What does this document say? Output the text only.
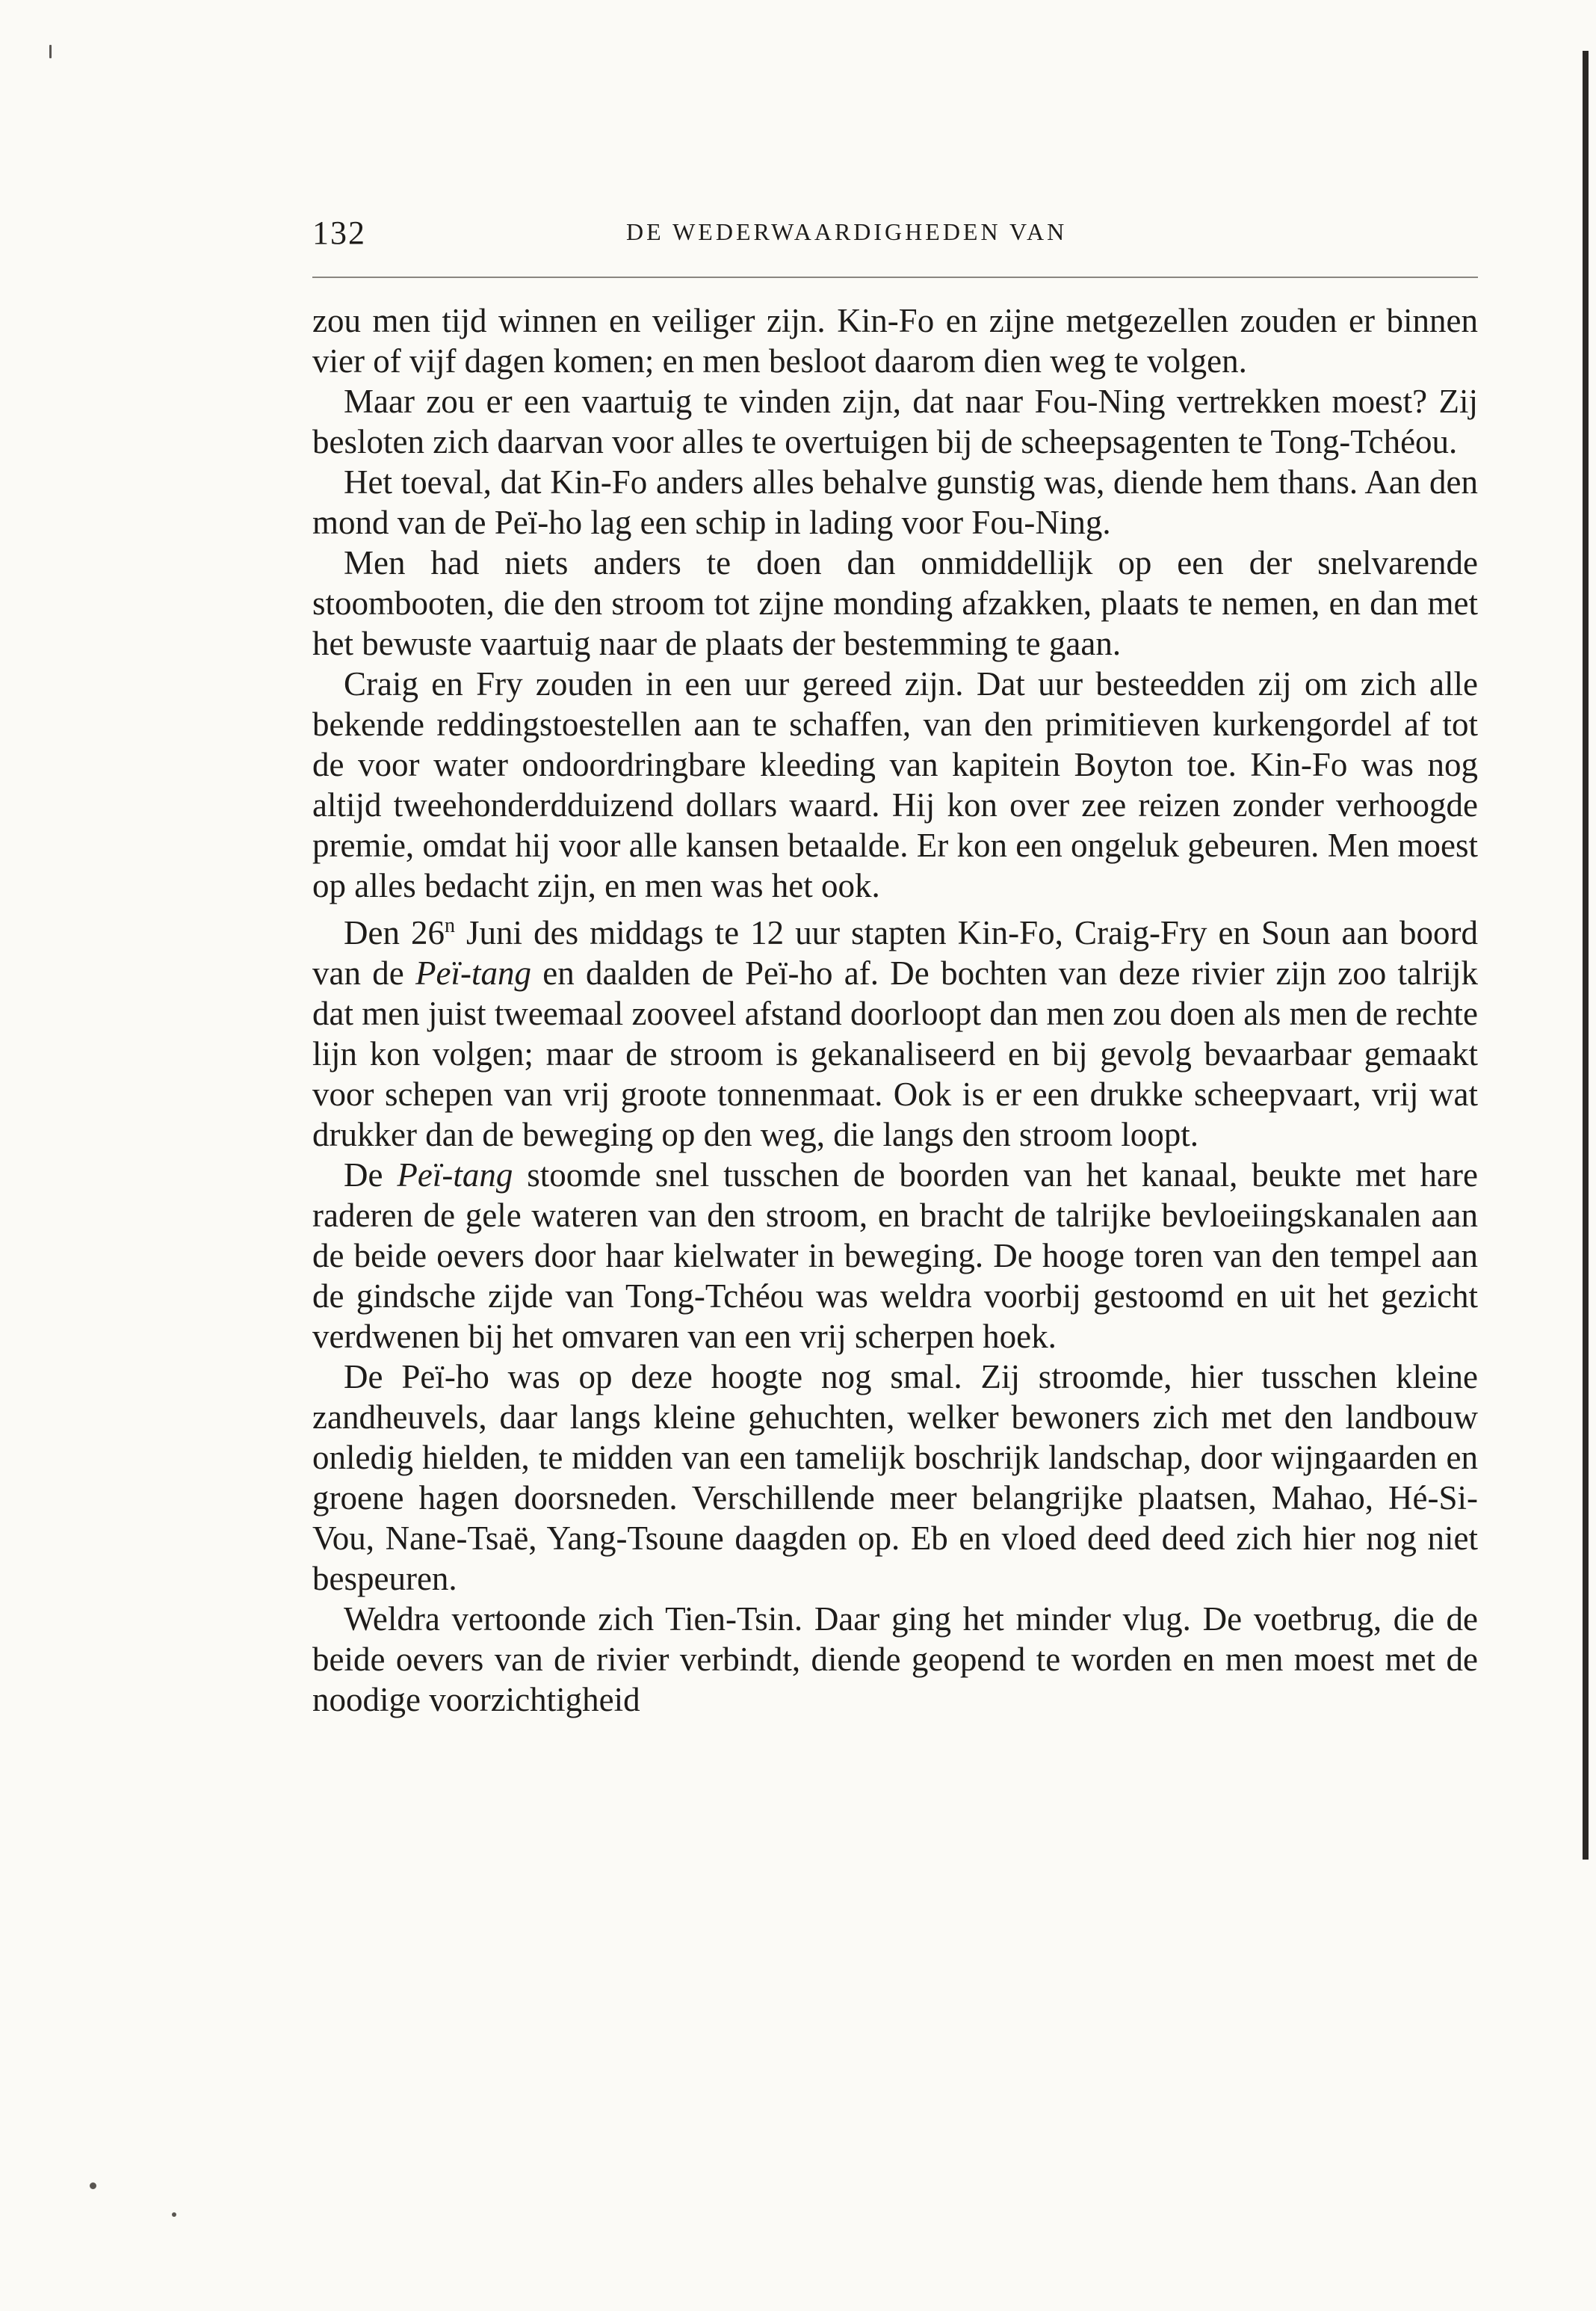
132	DE WEDERWAARDIGHEDEN VAN

zou men tijd winnen en veiliger zijn. Kin-Fo en zijne metgezellen zouden er binnen vier of vijf dagen komen; en men besloot daarom dien weg te volgen.

Maar zou er een vaartuig te vinden zijn, dat naar Fou-Ning vertrekken moest? Zij besloten zich daarvan voor alles te overtuigen bij de scheepsagenten te Tong-Tchéou.

Het toeval, dat Kin-Fo anders alles behalve gunstig was, diende hem thans. Aan den mond van de Peï-ho lag een schip in lading voor Fou-Ning.

Men had niets anders te doen dan onmiddellijk op een der snelvarende stoombooten, die den stroom tot zijne monding afzakken, plaats te nemen, en dan met het bewuste vaartuig naar de plaats der bestemming te gaan.

Craig en Fry zouden in een uur gereed zijn. Dat uur besteedden zij om zich alle bekende reddingstoestellen aan te schaffen, van den primitieven kurkengordel af tot de voor water ondoordringbare kleeding van kapitein Boyton toe. Kin-Fo was nog altijd tweehonderdduizend dollars waard. Hij kon over zee reizen zonder verhoogde premie, omdat hij voor alle kansen betaalde. Er kon een ongeluk gebeuren. Men moest op alles bedacht zijn, en men was het ook.

Den 26$^n$ Juni des middags te 12 uur stapten Kin-Fo, Craig-Fry en Soun aan boord van de Peï-tang en daalden de Peï-ho af. De bochten van deze rivier zijn zoo talrijk dat men juist tweemaal zooveel afstand doorloopt dan men zou doen als men de rechte lijn kon volgen; maar de stroom is gekanaliseerd en bij gevolg bevaarbaar gemaakt voor schepen van vrij groote tonnenmaat. Ook is er een drukke scheepvaart, vrij wat drukker dan de beweging op den weg, die langs den stroom loopt.

De Peï-tang stoomde snel tusschen de boorden van het kanaal, beukte met hare raderen de gele wateren van den stroom, en bracht de talrijke bevloeiingskanalen aan de beide oevers door haar kielwater in beweging. De hooge toren van den tempel aan de gindsche zijde van Tong-Tchéou was weldra voorbij gestoomd en uit het gezicht verdwenen bij het omvaren van een vrij scherpen hoek.

De Peï-ho was op deze hoogte nog smal. Zij stroomde, hier tusschen kleine zandheuvels, daar langs kleine gehuchten, welker bewoners zich met den landbouw onledig hielden, te midden van een tamelijk boschrijk landschap, door wijngaarden en groene hagen doorsneden. Verschillende meer belangrijke plaatsen, Mahao, Hé-Si-Vou, Nane-Tsaë, Yang-Tsoune daagden op. Eb en vloed deed deed zich hier nog niet bespeuren.

Weldra vertoonde zich Tien-Tsin. Daar ging het minder vlug. De voetbrug, die de beide oevers van de rivier verbindt, diende geopend te worden en men moest met de noodige voorzichtigheid
